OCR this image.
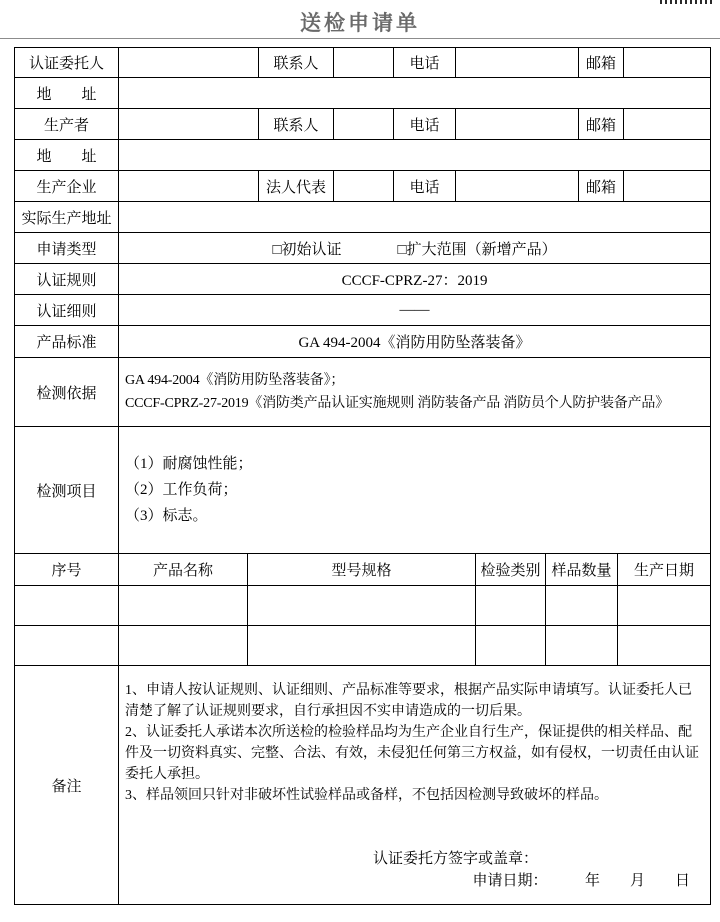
送检申请单
认证委托人			联系人		电话				邮箱		
地　　址											
生产者			联系人		电话				邮箱		
地　　址											
生产企业			法人代表		电话				邮箱		
实际生产地址											
申请类型	□初始认证 □扩大范围（新增产品）										
认证规则	CCCF-CPRZ-27：2019										
认证细则	——										
产品标准	GA 494-2004《消防用防坠落装备》										
检测依据	GA 494-2004《消防用防坠落装备》；
CCCF-CPRZ-27-2019《消防类产品认证实施规则 消防装备产品 消防员个人防护装备产品》										

检测项目	（1）耐腐蚀性能；
（2）工作负荷；
（3）标志。										

序号	产品名称	型号规格					检验类别	样品数量		生产日期	

备注	1、申请人按认证规则、认证细则、产品标准等要求，根据产品实际申请填写。认证委托人已清楚了解了认证规则要求，自行承担因不实申请造成的一切后果。

2、认证委托人承诺本次所送检的检验样品均为生产企业自行生产，保证提供的相关样品、配件及一切资料真实、完整、合法、有效，未侵犯任何第三方权益，如有侵权，一切责任由认证委托人承担。

3、样品领回只针对非破坏性试验样品或备样，不包括因检测导致破坏的样品。

认证委托方签字或盖章：
申请日期：　　　年　　月　　日										
